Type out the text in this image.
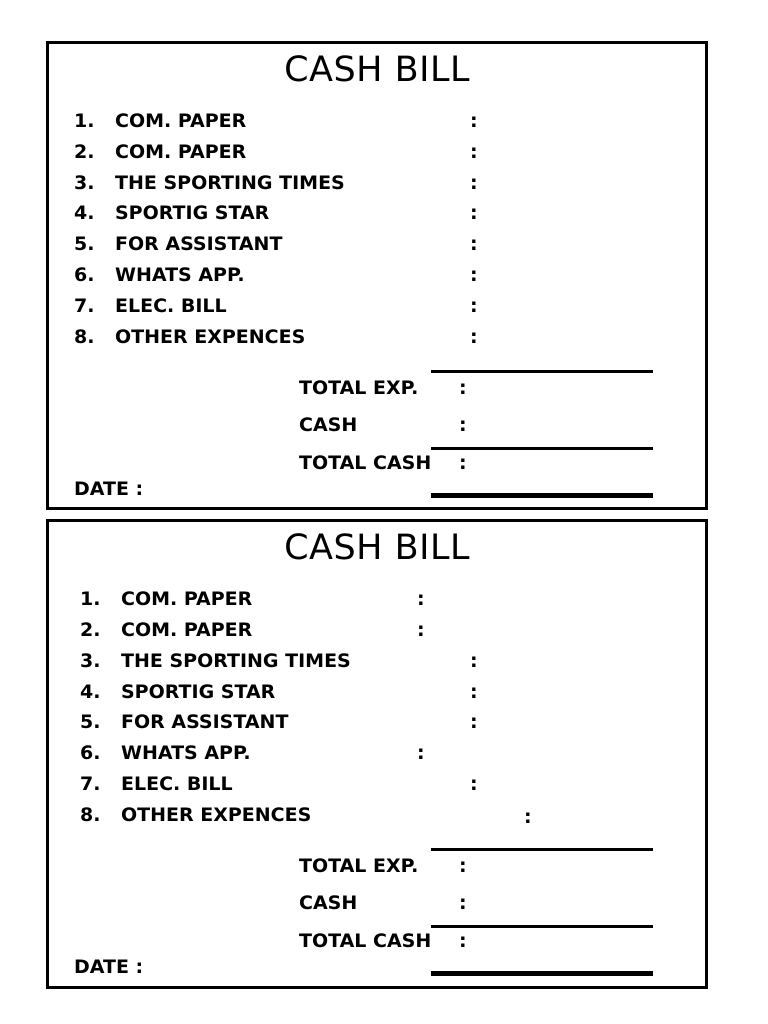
CASH BILL
1. COM. PAPER	:
2. COM. PAPER	:
3. THE SPORTING TIMES	:
4. SPORTIG STAR	:
5. FOR ASSISTANT	:
6. WHATS APP.	:
7. ELEC. BILL	:
8. OTHER EXPENCES	:
TOTAL EXP. :
CASH	:
TOTAL CASH :
DATE :
CASH BILL
1. COM. PAPER	:
2. COM. PAPER	:
3. THE SPORTING TIMES	:
4. SPORTIG STAR	:
5. FOR ASSISTANT	:
6. WHATS APP.	:
7. ELEC. BILL	:
8. OTHER EXPENCES	:
TOTAL EXP. :
CASH	:
TOTAL CASH :
DATE :
